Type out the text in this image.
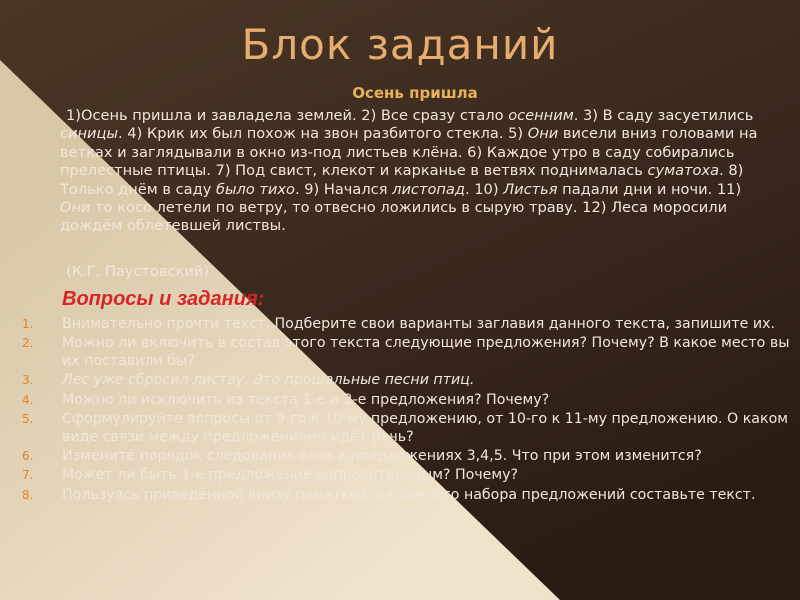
Блок заданий
Осень пришла
1)Осень пришла и завладела землей. 2) Все сразу стало осенним. 3) В саду засуетились синицы. 4) Крик их был похож на звон разбитого стекла. 5) Они висели вниз головами на ветках и заглядывали в окно из-под листьев клёна. 6) Каждое утро в саду собирались прелестные птицы. 7) Под свист, клекот и карканье в ветвях поднималась суматоха. 8) Только днём в саду было тихо. 9) Начался листопад. 10) Листья падали дни и ночи. 11) Они то косо летели по ветру, то отвесно ложились в сырую траву. 12) Леса моросили дождём облетевшей листвы.
(К.Г. Паустовский)
Вопросы и задания:
1. Внимательно прочти текст. Подберите свои варианты заглавия данного текста, запишите их.
2. Можно ли включить в состав этого текста следующие предложения? Почему? В какое место вы их поставили бы?
3. Лес уже сбросил листву. Это прощальные песни птиц.
4. Можно ли исключить из текста 1-е и 2-е предложения? Почему?
5. Сформулируйте вопросы от 9-го к 10-му предложению, от 10-го к 11-му предложению. О каком виде связи между предложениями идёт речь?
6. Измените порядок следования слов в предложениях 3,4,5. Что при этом изменится?
7. Может ли быть 1-е предложение вопросительным? Почему?
8. Пользуясь приведённой внизу памяткой, из данного набора предложений составьте текст.
